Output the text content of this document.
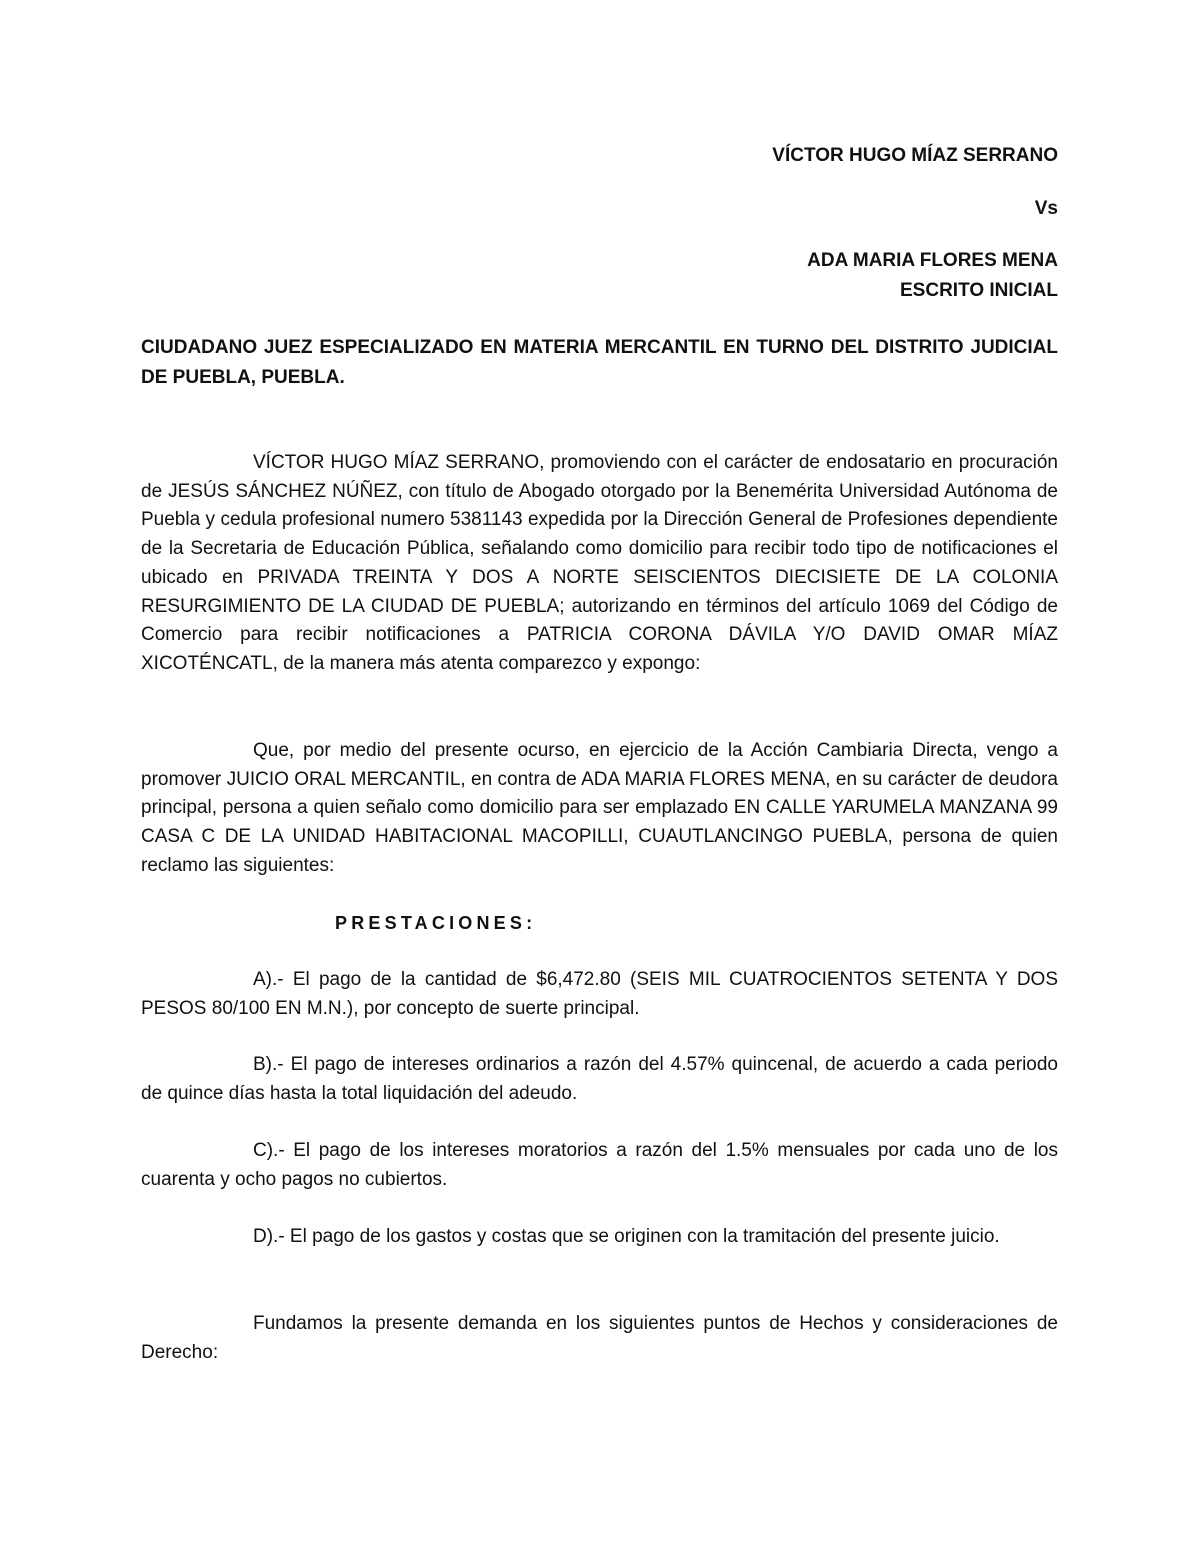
VÍCTOR HUGO MÍAZ SERRANO
Vs
ADA MARIA FLORES MENA
ESCRITO INICIAL
CIUDADANO JUEZ ESPECIALIZADO EN MATERIA MERCANTIL EN TURNO DEL DISTRITO JUDICIAL DE PUEBLA, PUEBLA.

VÍCTOR HUGO MÍAZ SERRANO, promoviendo con el carácter de endosatario en procuración de JESÚS SÁNCHEZ NÚÑEZ, con título de Abogado otorgado por la Benemérita Universidad Autónoma de Puebla y cedula profesional numero 5381143 expedida por la Dirección General de Profesiones dependiente de la Secretaria de Educación Pública, señalando como domicilio para recibir todo tipo de notificaciones el ubicado en PRIVADA TREINTA Y DOS A NORTE SEISCIENTOS DIECISIETE DE LA COLONIA RESURGIMIENTO DE LA CIUDAD DE PUEBLA; autorizando en términos del artículo 1069 del Código de Comercio para recibir notificaciones a PATRICIA CORONA DÁVILA Y/O DAVID OMAR MÍAZ XICOTÉNCATL, de la manera más atenta comparezco y expongo:

Que, por medio del presente ocurso, en ejercicio de la Acción Cambiaria Directa, vengo a promover JUICIO ORAL MERCANTIL, en contra de ADA MARIA FLORES MENA, en su carácter de deudora principal, persona a quien señalo como domicilio para ser emplazado EN CALLE YARUMELA MANZANA 99 CASA C DE LA UNIDAD HABITACIONAL MACOPILLI, CUAUTLANCINGO PUEBLA, persona de quien reclamo las siguientes:

PRESTACIONES:

A).- El pago de la cantidad de $6,472.80 (SEIS MIL CUATROCIENTOS SETENTA Y DOS PESOS 80/100 EN M.N.), por concepto de suerte principal.

B).- El pago de intereses ordinarios a razón del 4.57% quincenal, de acuerdo a cada periodo de quince días hasta la total liquidación del adeudo.

C).- El pago de los intereses moratorios a razón del 1.5% mensuales por cada uno de los cuarenta y ocho pagos no cubiertos.

D).- El pago de los gastos y costas que se originen con la tramitación del presente juicio.

Fundamos la presente demanda en los siguientes puntos de Hechos y consideraciones de Derecho:
